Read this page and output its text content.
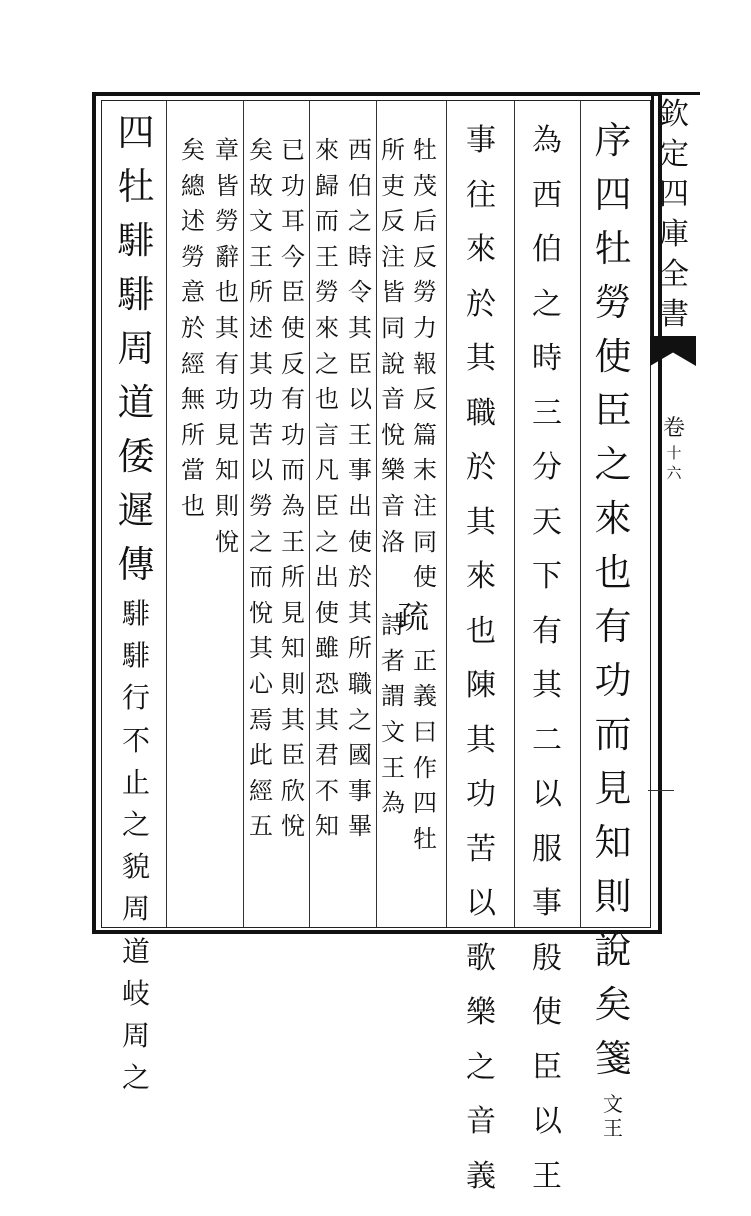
欽
定
四
庫
全
書
卷
十
六
序
四
牡
勞
使
臣
之
來
也
有
功
而
見
知
則
說
矣
箋
文
王
為
西
伯
之
時
三
分
天
下
有
其
二
以
服
事
殷
使
臣
以
王
事
往
來
於
其
職
於
其
來
也
陳
其
功
苦
以
歌
樂
之
音
義
牡
茂
后
反
勞
力
報
反
篇
末
注
同
使
疏
正
義
曰
作
四
牡
所
吏
反
注
皆
同
說
音
悅
樂
音
洛
詩
者
謂
文
王
為
西
伯
之
時
令
其
臣
以
王
事
出
使
於
其
所
職
之
國
事
畢
來
歸
而
王
勞
來
之
也
言
凡
臣
之
出
使
雖
恐
其
君
不
知
已
功
耳
今
臣
使
反
有
功
而
為
王
所
見
知
則
其
臣
欣
悅
矣
故
文
王
所
述
其
功
苦
以
勞
之
而
悅
其
心
焉
此
經
五
章
皆
勞
辭
也
其
有
功
見
知
則
悅
矣
總
述
勞
意
於
經
無
所
當
也
四
牡
騑
騑
周
道
倭
遲
傳
騑
騑
行
不
止
之
貌
周
道
岐
周
之
